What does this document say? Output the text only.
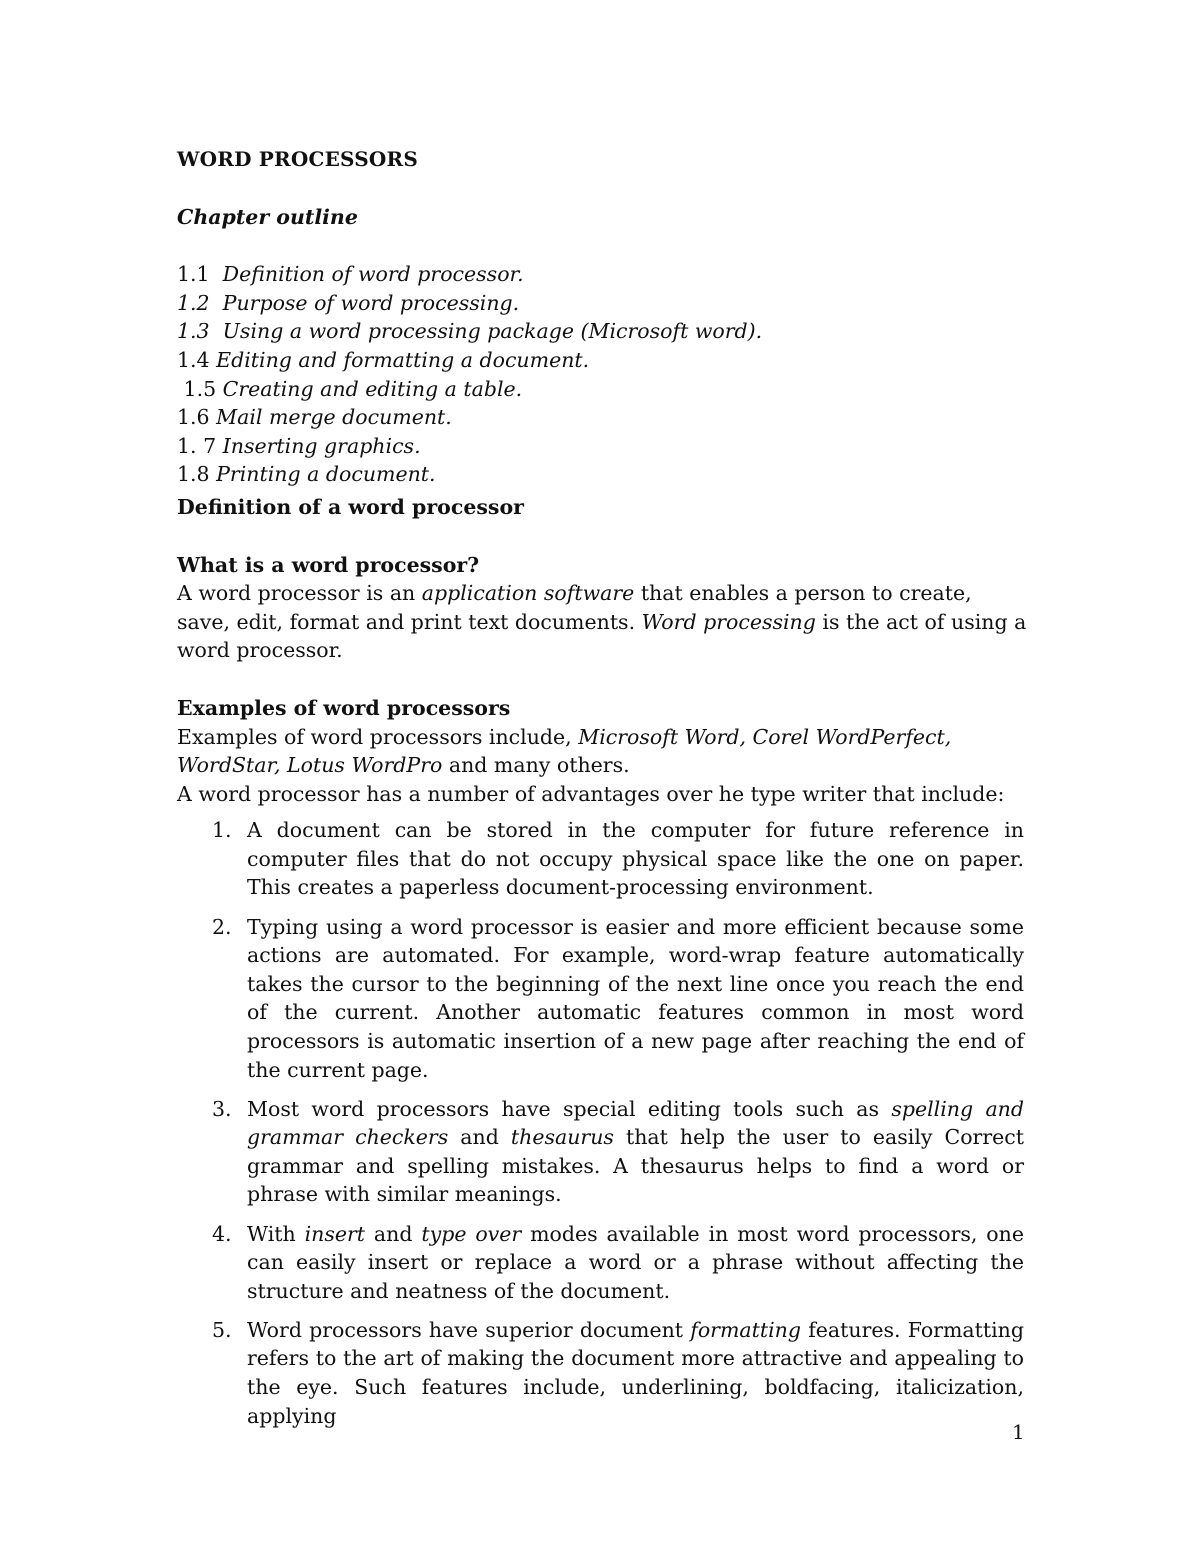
WORD PROCESSORS
Chapter outline
1.1 Definition of word processor.
1.2 Purpose of word processing.
1.3 Using a word processing package (Microsoft word).
1.4 Editing and formatting a document.
1.5 Creating and editing a table.
1.6 Mail merge document.
1. 7 Inserting graphics.
1.8 Printing a document.
Definition of a word processor
What is a word processor?

A word processor is an application software that enables a person to create, save, edit, format and print text documents. Word processing is the act of using a word processor.

Examples of word processors

Examples of word processors include, Microsoft Word, Corel WordPerfect, WordStar, Lotus WordPro and many others.

A word processor has a number of advantages over he type writer that include:

1. A document can be stored in the computer for future reference in computer files that do not occupy physical space like the one on paper. This creates a paperless document-processing environment.
2. Typing using a word processor is easier and more efficient because some actions are automated. For example, word-wrap feature automatically takes the cursor to the beginning of the next line once you reach the end of the current. Another automatic features common in most word processors is automatic insertion of a new page after reaching the end of the current page.
3. Most word processors have special editing tools such as spelling and grammar checkers and thesaurus that help the user to easily Correct grammar and spelling mistakes. A thesaurus helps to find a word or phrase with similar meanings.
4. With insert and type over modes available in most word processors, one can easily insert or replace a word or a phrase without affecting the structure and neatness of the document.
5. Word processors have superior document formatting features. Formatting refers to the art of making the document more attractive and appealing to the eye. Such features include, underlining, boldfacing, italicization, applying
1
